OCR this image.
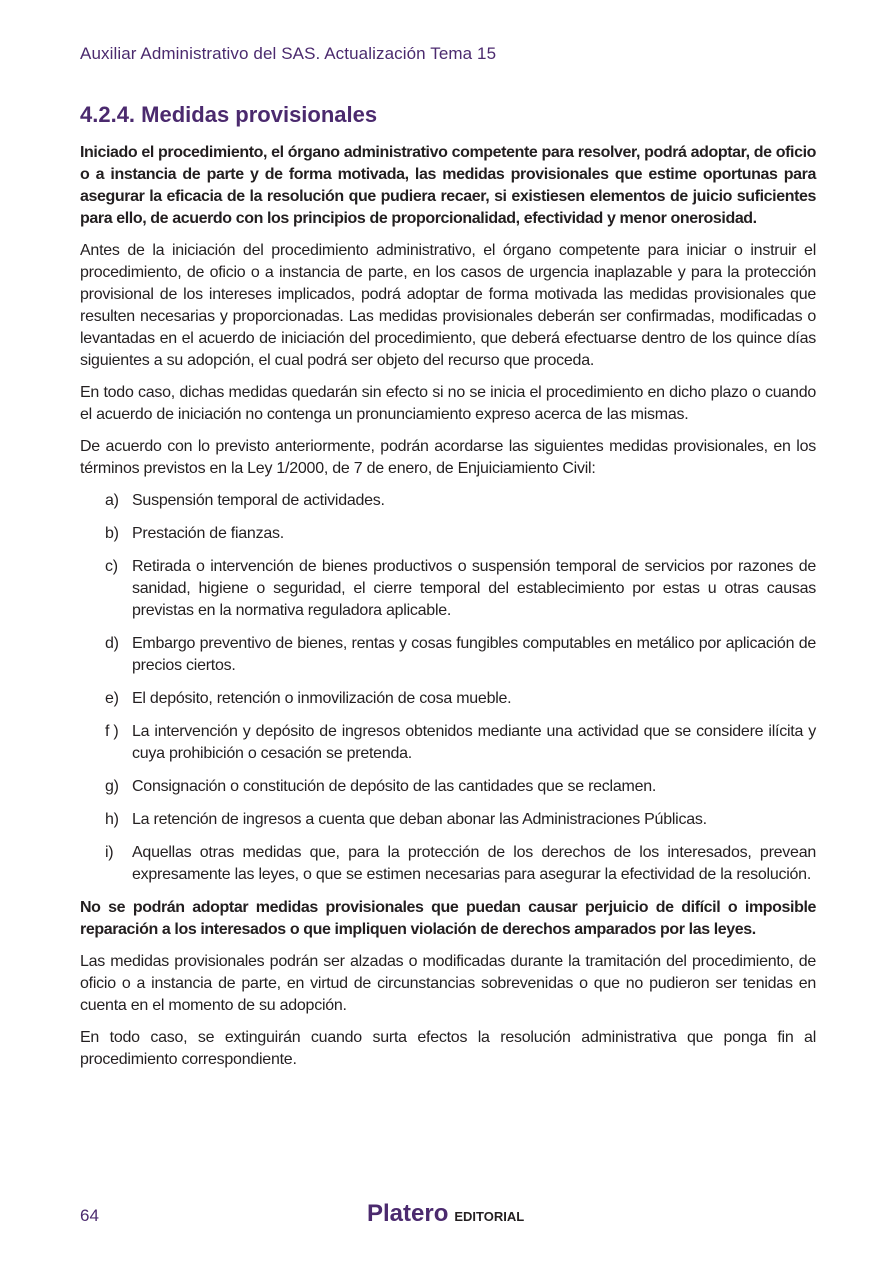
Auxiliar Administrativo del SAS. Actualización Tema 15
4.2.4. Medidas provisionales

Iniciado el procedimiento, el órgano administrativo competente para resolver, podrá adoptar, de oficio o a instancia de parte y de forma motivada, las medidas provisionales que estime oportunas para asegurar la eficacia de la resolución que pudiera recaer, si existiesen elementos de juicio suficientes para ello, de acuerdo con los principios de proporcionalidad, efectividad y menor onerosidad.

Antes de la iniciación del procedimiento administrativo, el órgano competente para iniciar o instruir el procedimiento, de oficio o a instancia de parte, en los casos de urgencia inaplazable y para la protección provisional de los intereses implicados, podrá adoptar de forma motivada las medidas provisionales que resulten necesarias y proporcionadas. Las medidas provisionales deberán ser confirmadas, modificadas o levantadas en el acuerdo de iniciación del procedimiento, que deberá efectuarse dentro de los quince días siguientes a su adopción, el cual podrá ser objeto del recurso que proceda.

En todo caso, dichas medidas quedarán sin efecto si no se inicia el procedimiento en dicho plazo o cuando el acuerdo de iniciación no contenga un pronunciamiento expreso acerca de las mismas.

De acuerdo con lo previsto anteriormente, podrán acordarse las siguientes medidas provisionales, en los términos previstos en la Ley 1/2000, de 7 de enero, de Enjuiciamiento Civil:

a) Suspensión temporal de actividades.
b) Prestación de fianzas.
c) Retirada o intervención de bienes productivos o suspensión temporal de servicios por razones de sanidad, higiene o seguridad, el cierre temporal del establecimiento por estas u otras causas previstas en la normativa reguladora aplicable.
d) Embargo preventivo de bienes, rentas y cosas fungibles computables en metálico por aplicación de precios ciertos.
e) El depósito, retención o inmovilización de cosa mueble.
f ) La intervención y depósito de ingresos obtenidos mediante una actividad que se considere ilícita y cuya prohibición o cesación se pretenda.
g) Consignación o constitución de depósito de las cantidades que se reclamen.
h) La retención de ingresos a cuenta que deban abonar las Administraciones Públicas.
i) Aquellas otras medidas que, para la protección de los derechos de los interesados, prevean expresamente las leyes, o que se estimen necesarias para asegurar la efectividad de la resolución.

No se podrán adoptar medidas provisionales que puedan causar perjuicio de difícil o imposible reparación a los interesados o que impliquen violación de derechos amparados por las leyes.

Las medidas provisionales podrán ser alzadas o modificadas durante la tramitación del procedimiento, de oficio o a instancia de parte, en virtud de circunstancias sobrevenidas o que no pudieron ser tenidas en cuenta en el momento de su adopción.

En todo caso, se extinguirán cuando surta efectos la resolución administrativa que ponga fin al procedimiento correspondiente.

64	Platero EDITORIAL
